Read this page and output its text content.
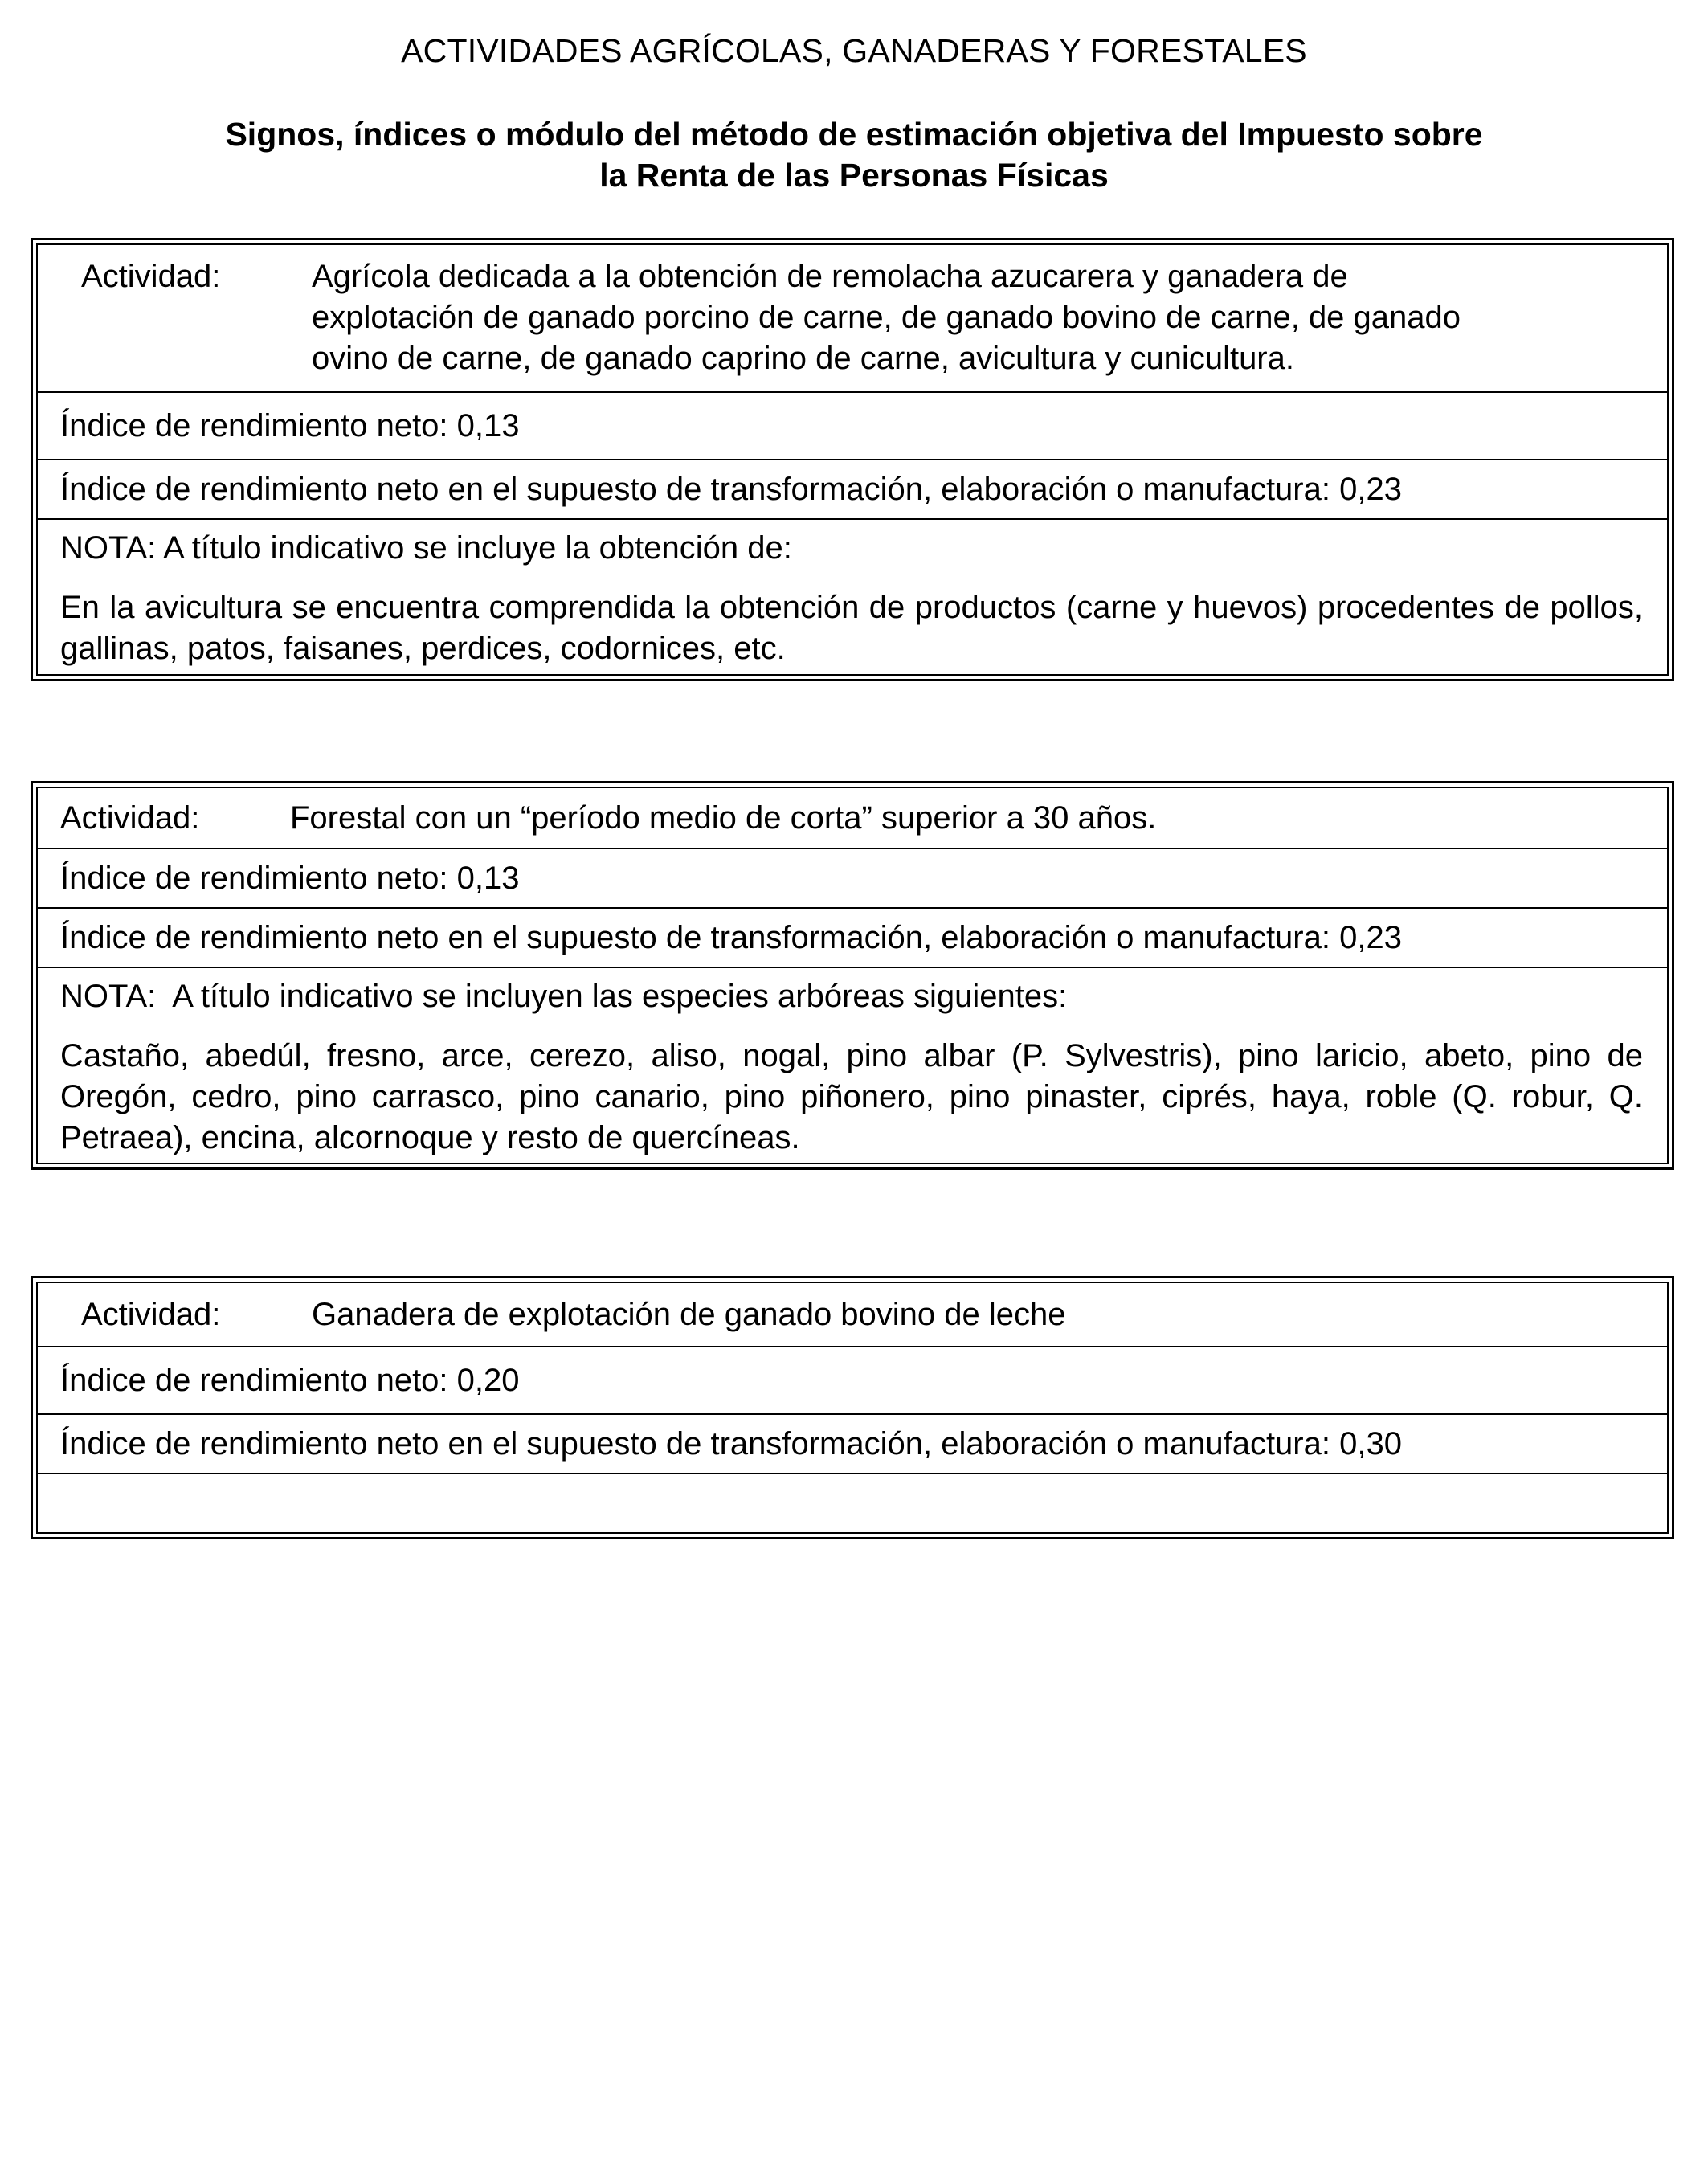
ACTIVIDADES AGRÍCOLAS, GANADERAS Y FORESTALES
Signos, índices o módulo del método de estimación objetiva del Impuesto sobre
la Renta de las Personas Físicas
Actividad:	Agrícola dedicada a la obtención de remolacha azucarera y ganadera de
explotación de ganado porcino de carne, de ganado bovino de carne, de ganado
ovino de carne, de ganado caprino de carne, avicultura y cunicultura.
Índice de rendimiento neto: 0,13
Índice de rendimiento neto en el supuesto de transformación, elaboración o manufactura: 0,23
NOTA: A título indicativo se incluye la obtención de:
En la avicultura se encuentra comprendida la obtención de productos (carne y huevos) procedentes de pollos, gallinas, patos, faisanes, perdices, codornices, etc.
Actividad:	Forestal con un “período medio de corta” superior a 30 años.
Índice de rendimiento neto: 0,13
Índice de rendimiento neto en el supuesto de transformación, elaboración o manufactura: 0,23
NOTA:  A título indicativo se incluyen las especies arbóreas siguientes:
Castaño, abedúl, fresno, arce, cerezo, aliso, nogal, pino albar (P. Sylvestris), pino laricio, abeto, pino de Oregón, cedro, pino carrasco, pino canario, pino piñonero, pino pinaster, ciprés, haya, roble (Q. robur, Q. Petraea), encina, alcornoque y resto de quercíneas.
Actividad:	Ganadera de explotación de ganado bovino de leche
Índice de rendimiento neto: 0,20
Índice de rendimiento neto en el supuesto de transformación, elaboración o manufactura: 0,30
